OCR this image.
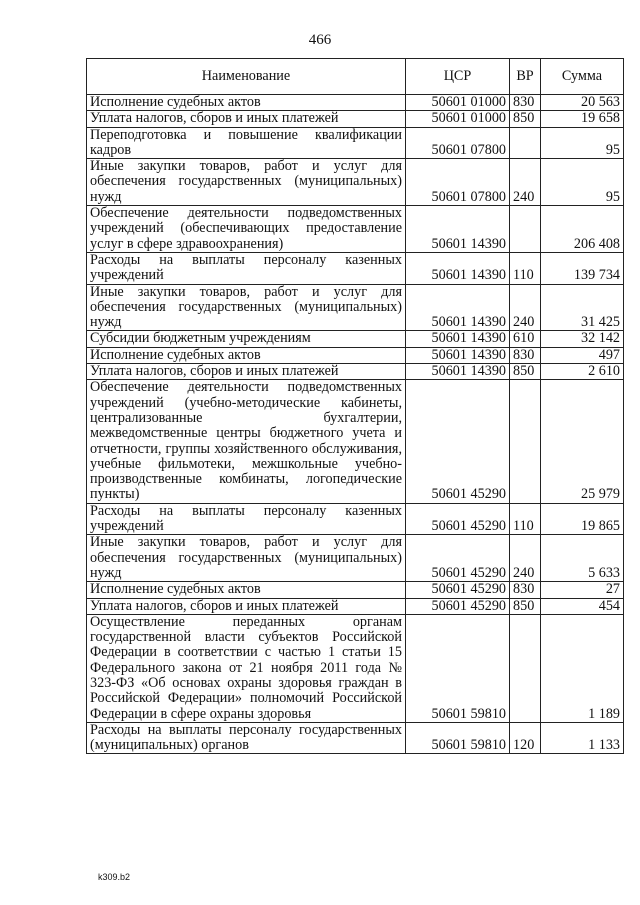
466
Наименование	ЦСР	ВР	Сумма
Исполнение судебных актов	50601 01000	830	20 563
Уплата налогов, сборов и иных платежей	50601 01000	850	19 658
Переподготовка и повышение квалификации кадров	50601 07800		95
Иные закупки товаров, работ и услуг для обеспечения государственных (муниципальных) нужд	50601 07800	240	95
Обеспечение деятельности подведомственных учреждений (обеспечивающих предоставление услуг в сфере здравоохранения)	50601 14390		206 408
Расходы на выплаты персоналу казенных учреждений	50601 14390	110	139 734
Иные закупки товаров, работ и услуг для обеспечения государственных (муниципальных) нужд	50601 14390	240	31 425
Субсидии бюджетным учреждениям	50601 14390	610	32 142
Исполнение судебных актов	50601 14390	830	497
Уплата налогов, сборов и иных платежей	50601 14390	850	2 610
Обеспечение деятельности подведомственных учреждений (учебно-методические кабинеты, централизованные бухгалтерии, межведомственные центры бюджетного учета и отчетности, группы хозяйственного обслуживания, учебные фильмотеки, межшкольные учебно-производственные комбинаты, логопедические пункты)	50601 45290		25 979
Расходы на выплаты персоналу казенных учреждений	50601 45290	110	19 865
Иные закупки товаров, работ и услуг для обеспечения государственных (муниципальных) нужд	50601 45290	240	5 633
Исполнение судебных актов	50601 45290	830	27
Уплата налогов, сборов и иных платежей	50601 45290	850	454
Осуществление переданных органам государственной власти субъектов Российской Федерации в соответствии с частью 1 статьи 15 Федерального закона от 21 ноября 2011 года № 323-ФЗ «Об основах охраны здоровья граждан в Российской Федерации» полномочий Российской Федерации в сфере охраны здоровья	50601 59810		1 189
Расходы на выплаты персоналу государственных (муниципальных) органов	50601 59810	120	1 133
k309.b2
